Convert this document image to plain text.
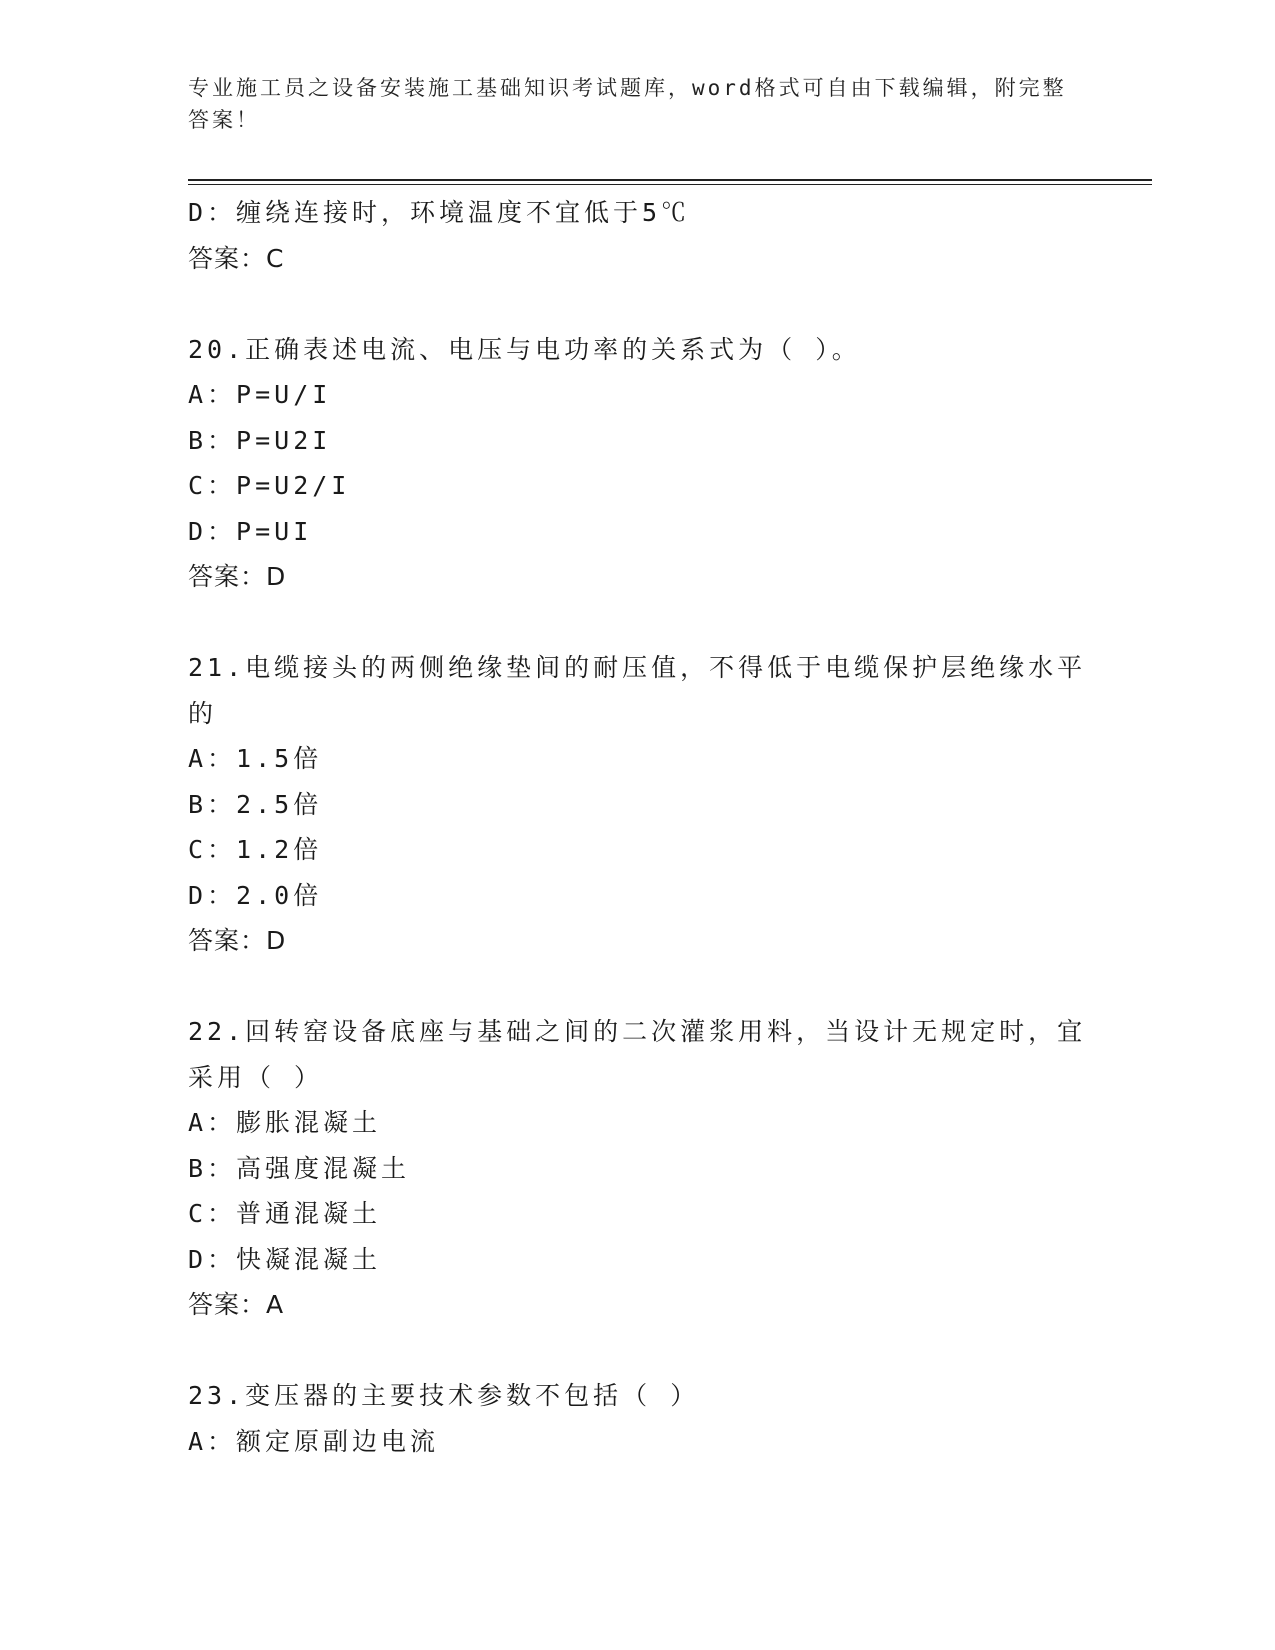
专业施工员之设备安装施工基础知识考试题库，word格式可自由下载编辑，附完整答案！
D：缠绕连接时，环境温度不宜低于5℃
答案：C
20.正确表述电流、电压与电功率的关系式为（ ）。
A：P=U/I
B：P=U2I
C：P=U2/I
D：P=UI
答案：D
21.电缆接头的两侧绝缘垫间的耐压值，不得低于电缆保护层绝缘水平的
A：1.5倍
B：2.5倍
C：1.2倍
D：2.0倍
答案：D
22.回转窑设备底座与基础之间的二次灌浆用料，当设计无规定时，宜采用（ ）
A：膨胀混凝土
B：高强度混凝土
C：普通混凝土
D：快凝混凝土
答案：A
23.变压器的主要技术参数不包括（ ）
A：额定原副边电流
